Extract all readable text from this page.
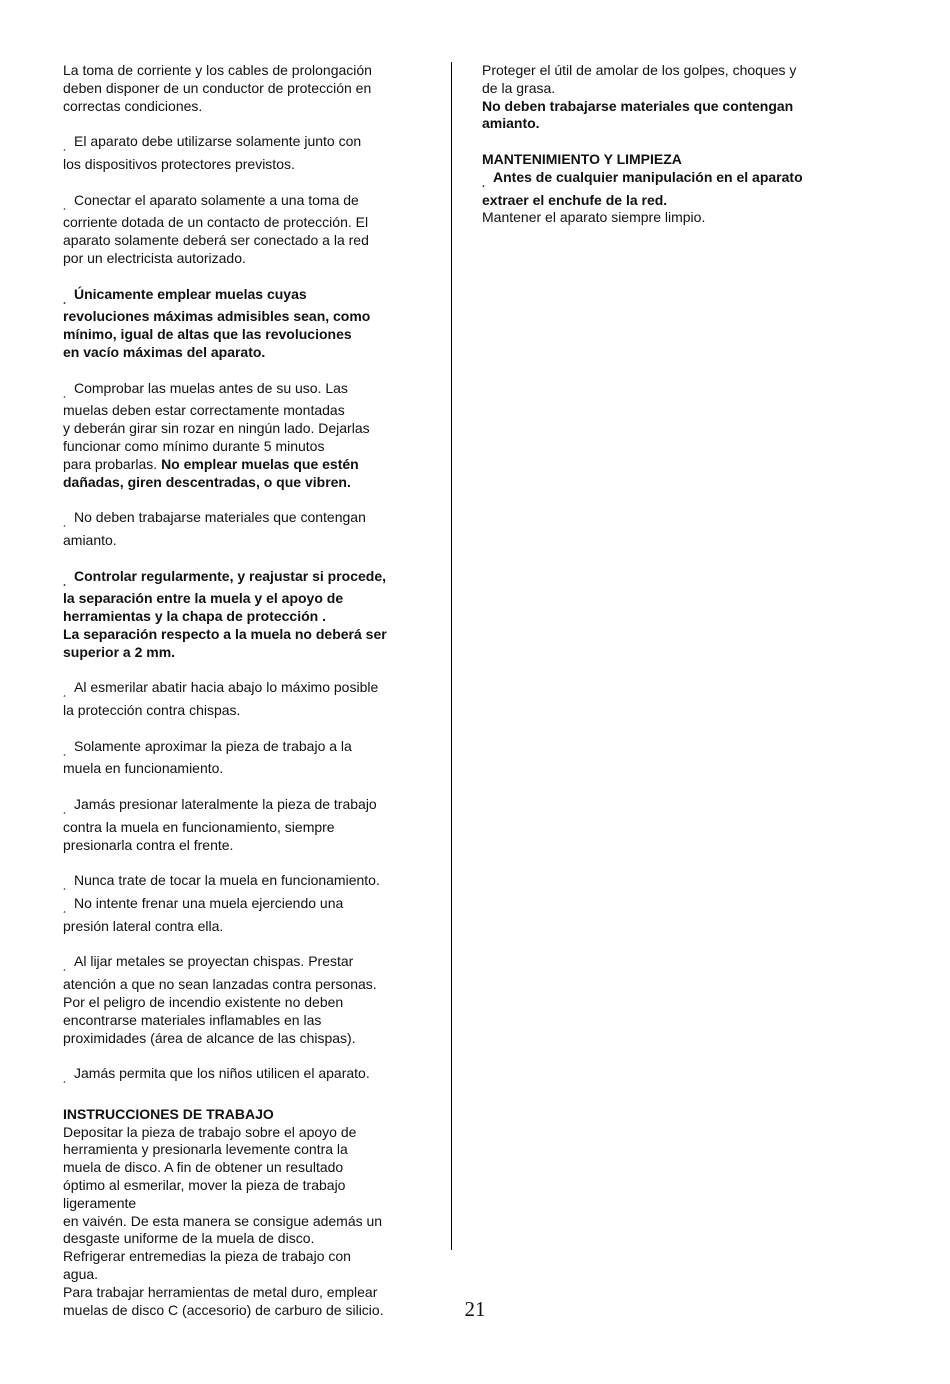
La toma de corriente y los cables de prolongación
deben disponer de un conductor de protección en
correctas condiciones.
¸El aparato debe utilizarse solamente junto con
los dispositivos protectores previstos.
¸Conectar el aparato solamente a una toma de
corriente dotada de un contacto de protección. El
aparato solamente deberá ser conectado a la red
por un electricista autorizado.
¸Únicamente emplear muelas cuyas
revoluciones máximas admisibles sean, como
mínimo, igual de altas que las revoluciones
en vacío máximas del aparato.
¸Comprobar las muelas antes de su uso. Las
muelas deben estar correctamente montadas
y deberán girar sin rozar en ningún lado. Dejarlas
funcionar como mínimo durante 5 minutos
para probarlas. No emplear muelas que estén
dañadas, giren descentradas, o que vibren.
¸No deben trabajarse materiales que contengan
amianto.
¸Controlar regularmente, y reajustar si procede,
la separación entre la muela y el apoyo de
herramientas y la chapa de protección .
La separación respecto a la muela no deberá ser
superior a 2 mm.
¸Al esmerilar abatir hacia abajo lo máximo posible
la protección contra chispas.
¸Solamente aproximar la pieza de trabajo a la
muela en funcionamiento.
¸Jamás presionar lateralmente la pieza de trabajo
contra la muela en funcionamiento, siempre
presionarla contra el frente.
¸Nunca trate de tocar la muela en funcionamiento.
¸No intente frenar una muela ejerciendo una
presión lateral contra ella.
¸Al lijar metales se proyectan chispas. Prestar
atención a que no sean lanzadas contra personas.
Por el peligro de incendio existente no deben
encontrarse materiales inflamables en las
proximidades (área de alcance de las chispas).
¸Jamás permita que los niños utilicen el aparato.
INSTRUCCIONES DE TRABAJO
Depositar la pieza de trabajo sobre el apoyo de
herramienta y presionarla levemente contra la
muela de disco. A fin de obtener un resultado
óptimo al esmerilar, mover la pieza de trabajo
ligeramente
en vaivén. De esta manera se consigue además un
desgaste uniforme de la muela de disco.
Refrigerar entremedias la pieza de trabajo con
agua.
Para trabajar herramientas de metal duro, emplear
muelas de disco C (accesorio) de carburo de silicio.
Proteger el útil de amolar de los golpes, choques y
de la grasa.
No deben trabajarse materiales que contengan
amianto.
MANTENIMIENTO Y LIMPIEZA
¸Antes de cualquier manipulación en el aparato
extraer el enchufe de la red.
Mantener el aparato siempre limpio.
21
